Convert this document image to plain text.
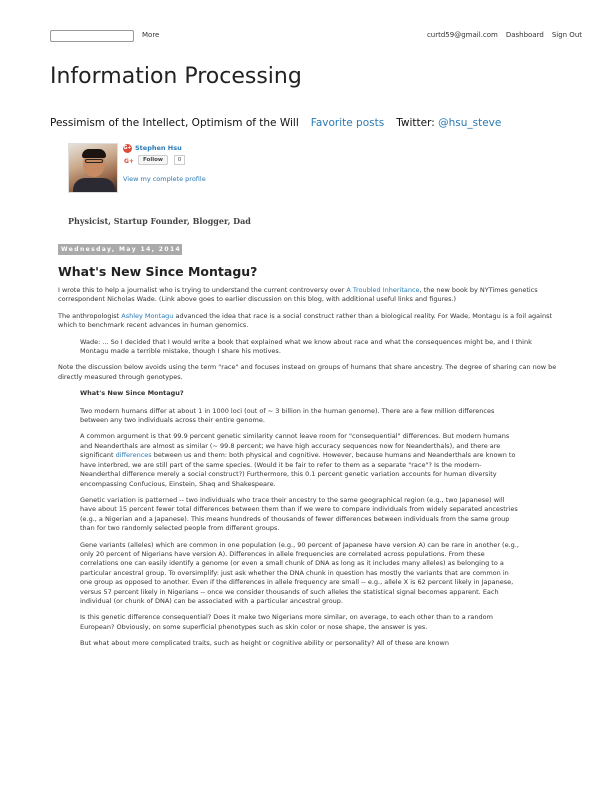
More	curtd59@gmail.com Dashboard Sign Out
Information Processing
Pessimism of the Intellect, Optimism of the Will Favorite posts Twitter: @hsu_steve
G+ Stephen Hsu
G+	Follow	0
View my complete profile
Physicist, Startup Founder, Blogger, Dad
Wednesday, May 14, 2014
What's New Since Montagu?

I wrote this to help a journalist who is trying to understand the current controversy over A Troubled Inheritance, the new book by NYTimes genetics correspondent Nicholas Wade. (Link above goes to earlier discussion on this blog, with additional useful links and figures.)

The anthropologist Ashley Montagu advanced the idea that race is a social construct rather than a biological reality. For Wade, Montagu is a foil against which to benchmark recent advances in human genomics.

Wade: ... So I decided that I would write a book that explained what we know about race and what the consequences might be, and I think Montagu made a terrible mistake, though I share his motives.

Note the discussion below avoids using the term "race" and focuses instead on groups of humans that share ancestry. The degree of sharing can now be directly measured through genotypes.

What's New Since Montagu?

Two modern humans differ at about 1 in 1000 loci (out of ~ 3 billion in the human genome). There are a few million differences between any two individuals across their entire genome.

A common argument is that 99.9 percent genetic similarity cannot leave room for "consequential" differences. But modern humans and Neanderthals are almost as similar (~ 99.8 percent; we have high accuracy sequences now for Neanderthals), and there are significant differences between us and them: both physical and cognitive. However, because humans and Neanderthals are known to have interbred, we are still part of the same species. (Would it be fair to refer to them as a separate "race"? Is the modern-Neanderthal difference merely a social construct?) Furthermore, this 0.1 percent genetic variation accounts for human diversity encompassing Confucious, Einstein, Shaq and Shakespeare.

Genetic variation is patterned -- two individuals who trace their ancestry to the same geographical region (e.g., two Japanese) will have about 15 percent fewer total differences between them than if we were to compare individuals from widely separated ancestries (e.g., a Nigerian and a Japanese). This means hundreds of thousands of fewer differences between individuals from the same group than for two randomly selected people from different groups.

Gene variants (alleles) which are common in one population (e.g., 90 percent of Japanese have version A) can be rare in another (e.g., only 20 percent of Nigerians have version A). Differences in allele frequencies are correlated across populations. From these correlations one can easily identify a genome (or even a small chunk of DNA as long as it includes many alleles) as belonging to a particular ancestral group. To oversimplify: just ask whether the DNA chunk in question has mostly the variants that are common in one group as opposed to another. Even if the differences in allele frequency are small -- e.g., allele X is 62 percent likely in Japanese, versus 57 percent likely in Nigerians -- once we consider thousands of such alleles the statistical signal becomes apparent. Each individual (or chunk of DNA) can be associated with a particular ancestral group.

Is this genetic difference consequential? Does it make two Nigerians more similar, on average, to each other than to a random European? Obviously, on some superficial phenotypes such as skin color or nose shape, the answer is yes.

But what about more complicated traits, such as height or cognitive ability or personality? All of these are known
